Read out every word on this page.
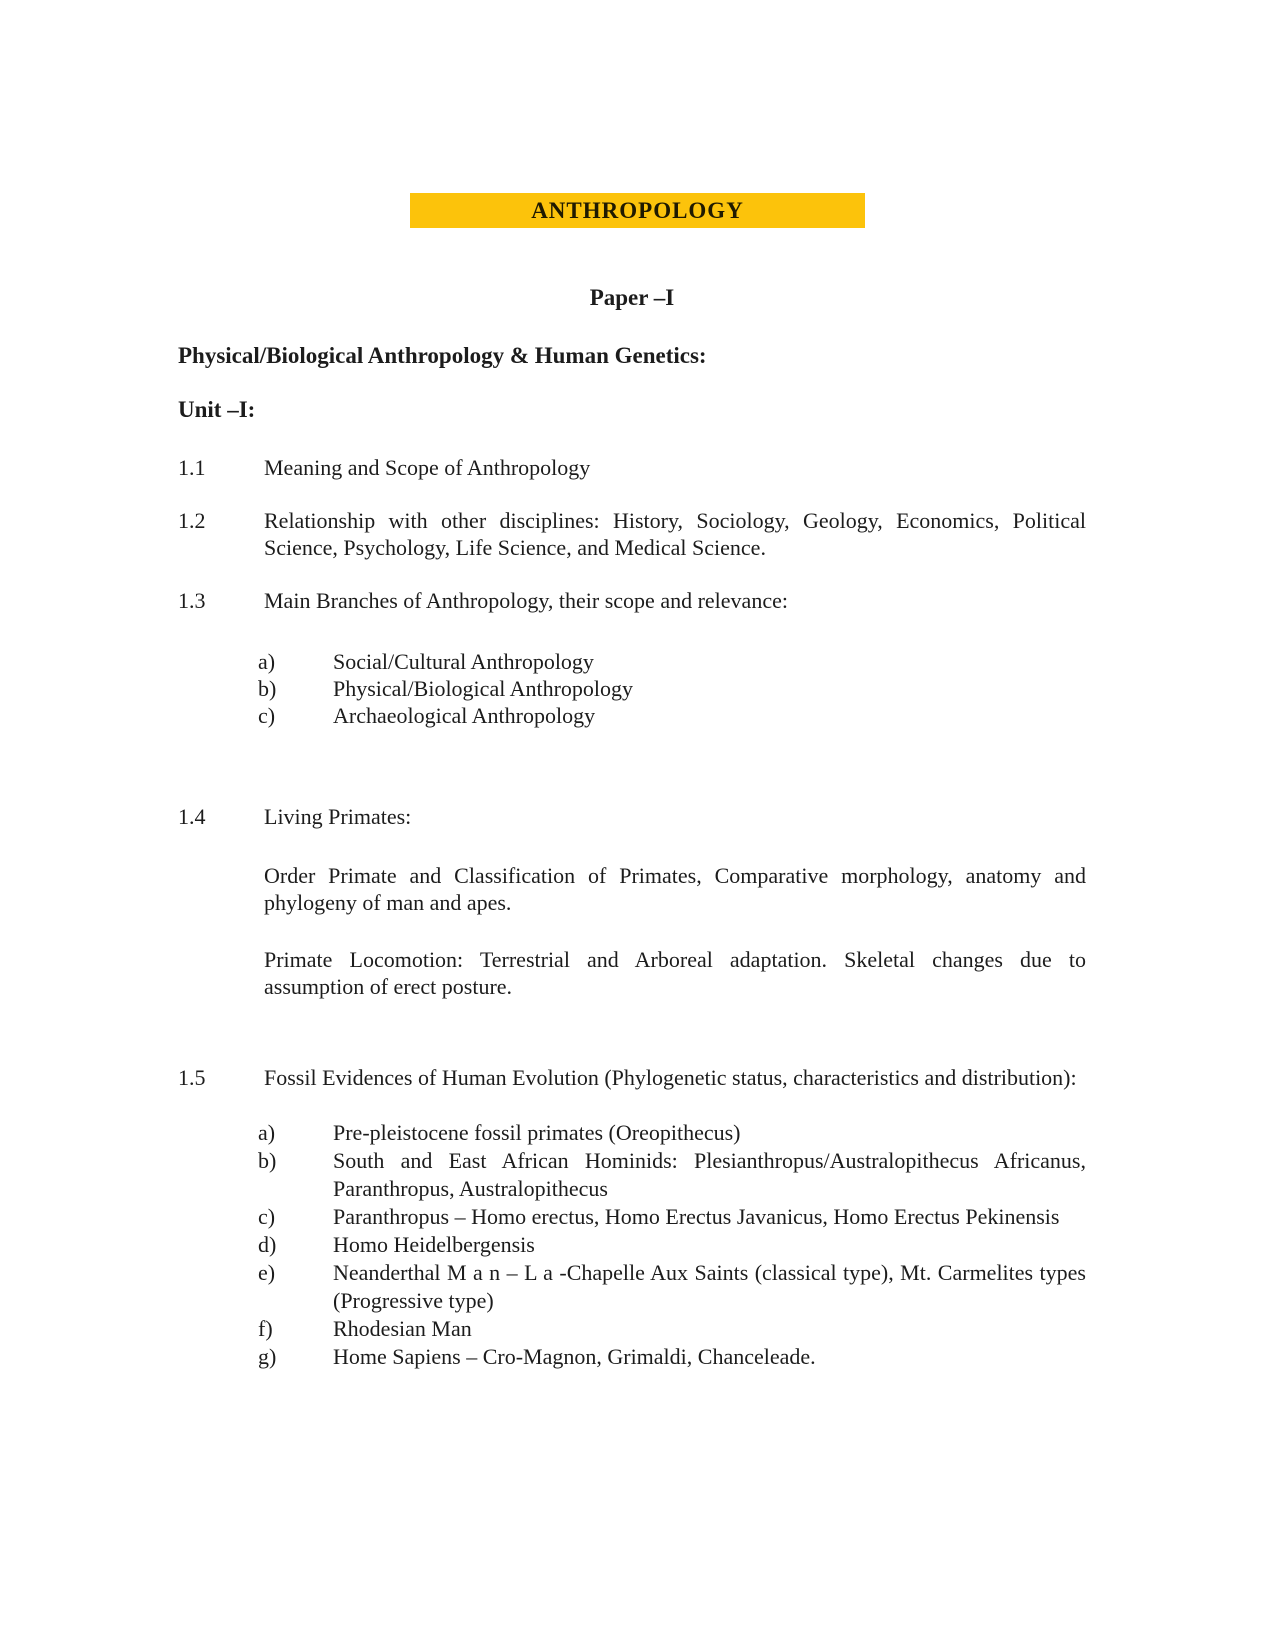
ANTHROPOLOGY
Paper –I
Physical/Biological Anthropology & Human Genetics:
Unit –I:
1.1	Meaning and Scope of Anthropology
1.2	Relationship with other disciplines: History, Sociology, Geology, Economics, Political Science, Psychology, Life Science, and Medical Science.
1.3	Main Branches of Anthropology, their scope and relevance:
a)	Social/Cultural Anthropology
b)	Physical/Biological Anthropology
c)	Archaeological Anthropology
1.4	Living Primates:
Order Primate and Classification of Primates, Comparative morphology, anatomy and phylogeny of man and apes.
Primate Locomotion: Terrestrial and Arboreal adaptation. Skeletal changes due to assumption of erect posture.
1.5	Fossil Evidences of Human Evolution (Phylogenetic status, characteristics and distribution):
a)	Pre-pleistocene fossil primates (Oreopithecus)
b)	South and East African Hominids: Plesianthropus/Australopithecus Africanus, Paranthropus, Australopithecus
c)	Paranthropus – Homo erectus, Homo Erectus Javanicus, Homo Erectus Pekinensis
d)	Homo Heidelbergensis
e)	Neanderthal M a n – L a -Chapelle Aux Saints (classical type), Mt. Carmelites types (Progressive type)
f)	Rhodesian Man
g)	Home Sapiens – Cro-Magnon, Grimaldi, Chanceleade.
